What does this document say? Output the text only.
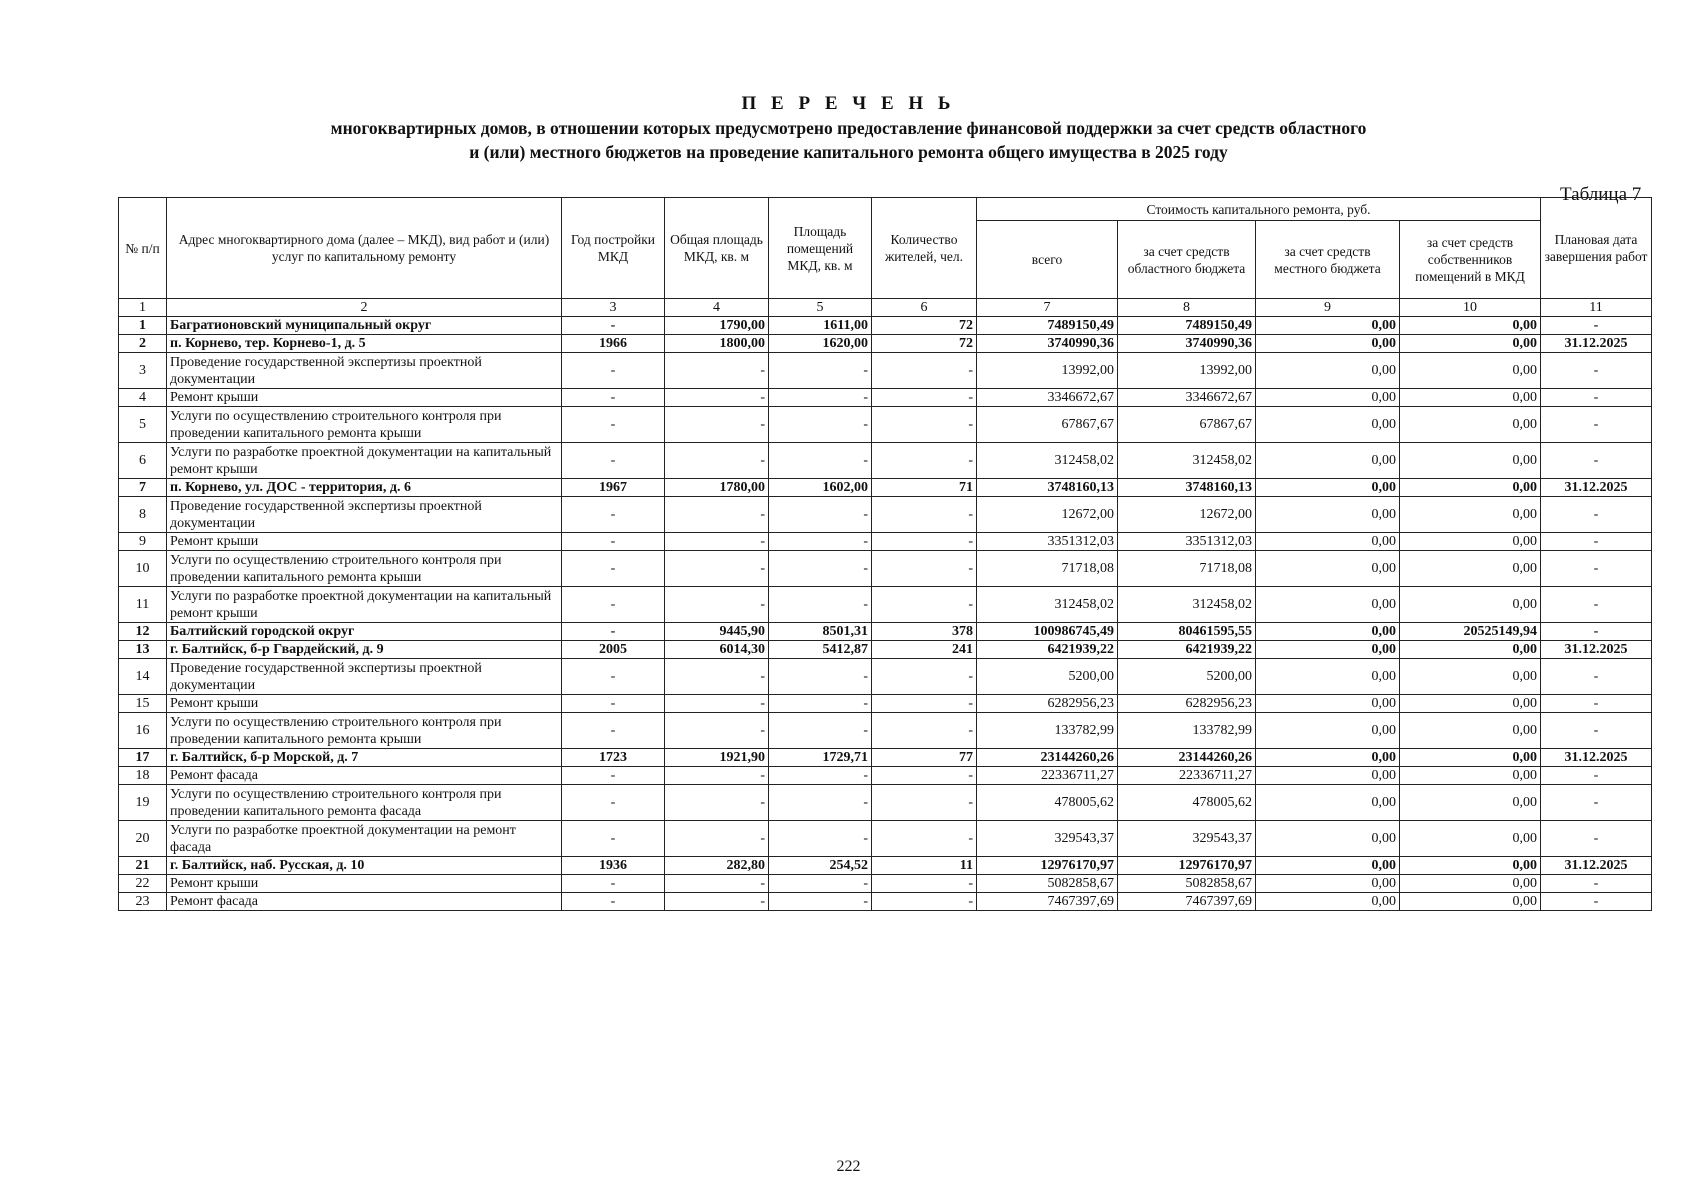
П Е Р Е Ч Е Н Ь
многоквартирных домов, в отношении которых предусмотрено предоставление финансовой поддержки за счет средств областного
и (или) местного бюджетов на проведение капитального ремонта общего имущества в 2025 году
Таблица 7
№ п/п	Адрес многоквартирного дома (далее – МКД), вид работ и (или) услуг по капитальному ремонту	Год постройки МКД	Общая площадь МКД, кв. м	Площадь помещений МКД, кв. м	Количество жителей, чел.	Стоимость капитального ремонта, руб.				Плановая дата завершения работ
						всего	за счет средств областного бюджета	за счет средств местного бюджета	за счет средств собственников помещений в МКД	
1	2	3	4	5	6	7	8	9	10	11
1	Багратионовский муниципальный округ	-	1790,00	1611,00	72	7489150,49	7489150,49	0,00	0,00	-
2	п. Корнево, тер. Корнево-1, д. 5	1966	1800,00	1620,00	72	3740990,36	3740990,36	0,00	0,00	31.12.2025
3	Проведение государственной экспертизы проектной документации	-	-	-	-	13992,00	13992,00	0,00	0,00	-
4	Ремонт крыши	-	-	-	-	3346672,67	3346672,67	0,00	0,00	-
5	Услуги по осуществлению строительного контроля при проведении капитального ремонта крыши	-	-	-	-	67867,67	67867,67	0,00	0,00	-
6	Услуги по разработке проектной документации на капитальный ремонт крыши	-	-	-	-	312458,02	312458,02	0,00	0,00	-
7	п. Корнево, ул. ДОС - территория, д. 6	1967	1780,00	1602,00	71	3748160,13	3748160,13	0,00	0,00	31.12.2025
8	Проведение государственной экспертизы проектной документации	-	-	-	-	12672,00	12672,00	0,00	0,00	-
9	Ремонт крыши	-	-	-	-	3351312,03	3351312,03	0,00	0,00	-
10	Услуги по осуществлению строительного контроля при проведении капитального ремонта крыши	-	-	-	-	71718,08	71718,08	0,00	0,00	-
11	Услуги по разработке проектной документации на капитальный ремонт крыши	-	-	-	-	312458,02	312458,02	0,00	0,00	-
12	Балтийский городской округ	-	9445,90	8501,31	378	100986745,49	80461595,55	0,00	20525149,94	-
13	г. Балтийск, б-р Гвардейский, д. 9	2005	6014,30	5412,87	241	6421939,22	6421939,22	0,00	0,00	31.12.2025
14	Проведение государственной экспертизы проектной документации	-	-	-	-	5200,00	5200,00	0,00	0,00	-
15	Ремонт крыши	-	-	-	-	6282956,23	6282956,23	0,00	0,00	-
16	Услуги по осуществлению строительного контроля при проведении капитального ремонта крыши	-	-	-	-	133782,99	133782,99	0,00	0,00	-
17	г. Балтийск, б-р Морской, д. 7	1723	1921,90	1729,71	77	23144260,26	23144260,26	0,00	0,00	31.12.2025
18	Ремонт фасада	-	-	-	-	22336711,27	22336711,27	0,00	0,00	-
19	Услуги по осуществлению строительного контроля при проведении капитального ремонта фасада	-	-	-	-	478005,62	478005,62	0,00	0,00	-
20	Услуги по разработке проектной документации на ремонт фасада	-	-	-	-	329543,37	329543,37	0,00	0,00	-
21	г. Балтийск, наб. Русская, д. 10	1936	282,80	254,52	11	12976170,97	12976170,97	0,00	0,00	31.12.2025
22	Ремонт крыши	-	-	-	-	5082858,67	5082858,67	0,00	0,00	-
23	Ремонт фасада	-	-	-	-	7467397,69	7467397,69	0,00	0,00	-
222
